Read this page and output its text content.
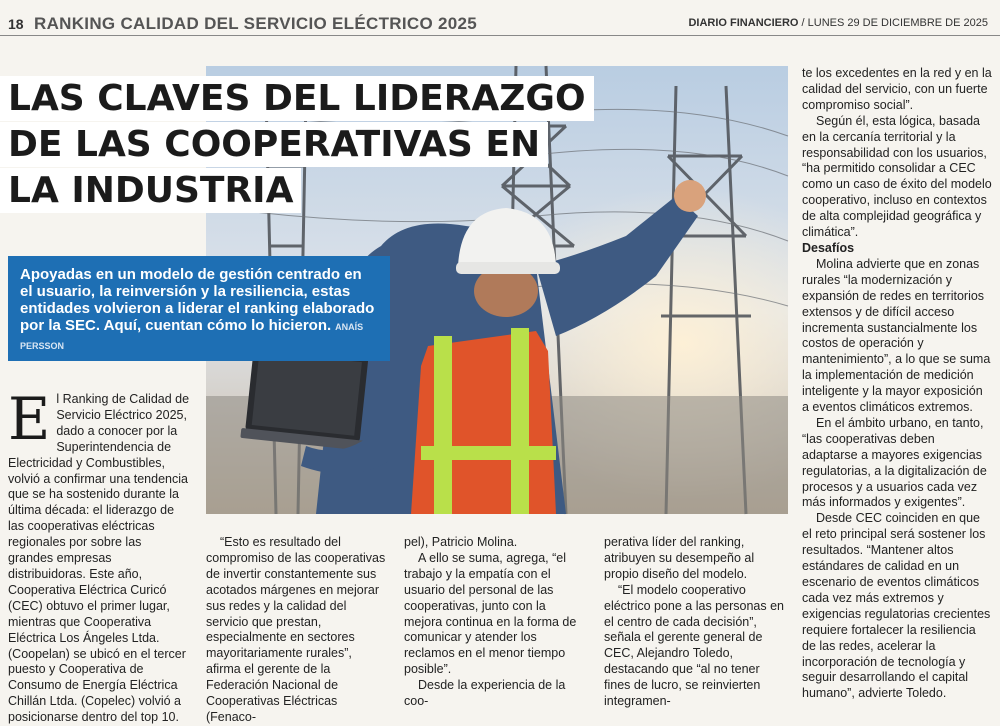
18 RANKING CALIDAD DEL SERVICIO ELÉCTRICO 2025	DIARIO FINANCIERO / LUNES 29 DE DICIEMBRE DE 2025
LAS CLAVES DEL LIDERAZGO
DE LAS COOPERATIVAS EN
LA INDUSTRIA
Apoyadas en un modelo de gestión centrado en el usuario, la reinversión y la resiliencia, estas entidades volvieron a liderar el ranking elaborado por la SEC. Aquí, cuentan cómo lo hicieron. ANAÍS PERSSON
E l Ranking de Calidad de Servicio Eléctrico 2025, dado a conocer por la Superintendencia de Electricidad y Combustibles, volvió a confirmar una tendencia que se ha sostenido durante la última década: el liderazgo de las cooperativas eléctricas regionales por sobre las grandes empresas distribuidoras. Este año, Cooperativa Eléctrica Curicó (CEC) obtuvo el primer lugar, mientras que Cooperativa Eléctrica Los Ángeles Ltda. (Coopelan) se ubicó en el tercer puesto y Cooperativa de Consumo de Energía Eléctrica Chillán Ltda. (Copelec) volvió a posicionarse dentro del top 10.

“Esto es resultado del compromiso de las cooperativas de invertir constantemente sus acotados márgenes en mejorar sus redes y la calidad del servicio que prestan, especialmente en sectores mayoritariamente rurales”, afirma el gerente de la Federación Nacional de Cooperativas Eléctricas (Fenaco-

pel), Patricio Molina.

A ello se suma, agrega, “el trabajo y la empatía con el usuario del personal de las cooperativas, junto con la mejora continua en la forma de comunicar y atender los reclamos en el menor tiempo posible”.

Desde la experiencia de la coo-

perativa líder del ranking, atribuyen su desempeño al propio diseño del modelo.

“El modelo cooperativo eléctrico pone a las personas en el centro de cada decisión”, señala el gerente general de CEC, Alejandro Toledo, destacando que “al no tener fines de lucro, se reinvierten integramen-

te los excedentes en la red y en la calidad del servicio, con un fuerte compromiso social”.

Según él, esta lógica, basada en la cercanía territorial y la responsabilidad con los usuarios, “ha permitido consolidar a CEC como un caso de éxito del modelo cooperativo, incluso en contextos de alta complejidad geográfica y climática”.

Desafíos

Molina advierte que en zonas rurales “la modernización y expansión de redes en territorios extensos y de difícil acceso incrementa sustancialmente los costos de operación y mantenimiento”, a lo que se suma la implementación de medición inteligente y la mayor exposición a eventos climáticos extremos.

En el ámbito urbano, en tanto, “las cooperativas deben adaptarse a mayores exigencias regulatorias, a la digitalización de procesos y a usuarios cada vez más informados y exigentes”.

Desde CEC coinciden en que el reto principal será sostener los resultados. “Mantener altos estándares de calidad en un escenario de eventos climáticos cada vez más extremos y exigencias regulatorias crecientes requiere fortalecer la resiliencia de las redes, acelerar la incorporación de tecnología y seguir desarrollando el capital humano”, advierte Toledo.
